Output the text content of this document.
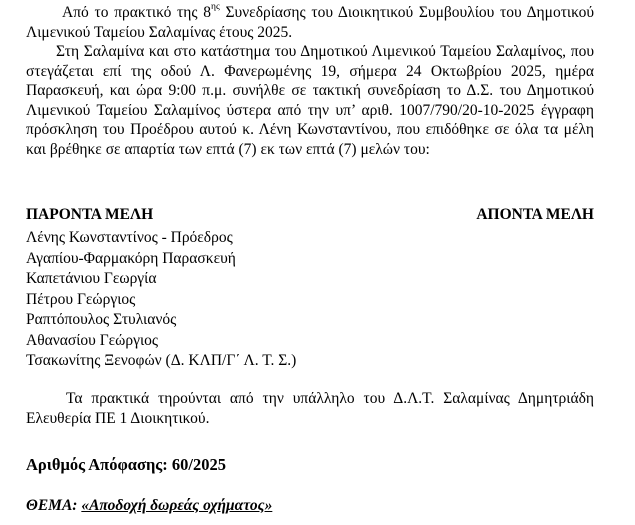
Από το πρακτικό της $8^{\eta\varsigma}$ Συνεδρίασης του Διοικητικού Συμβουλίου του Δημοτικού Λιμενικού Ταμείου Σαλαμίνας έτους 2025.

Στη Σαλαμίνα και στο κατάστημα του Δημοτικού Λιμενικού Ταμείου Σαλαμίνος, που στεγάζεται επί της οδού Λ. Φανερωμένης 19, σήμερα 24 Οκτωβρίου 2025, ημέρα Παρασκευή, και ώρα 9:00 π.μ. συνήλθε σε τακτική συνεδρίαση το Δ.Σ. του Δημοτικού Λιμενικού Ταμείου Σαλαμίνος ύστερα από την υπ’ αριθ. 1007/790/20-10-2025 έγγραφη πρόσκληση του Προέδρου αυτού κ. Λένη Κωνσταντίνου, που επιδόθηκε σε όλα τα μέλη και βρέθηκε σε απαρτία των επτά (7) εκ των επτά (7) μελών του:

ΠΑΡΟΝΤΑ ΜΕΛΗ	ΑΠΟΝΤΑ ΜΕΛΗ
Λένης Κωνσταντίνος - Πρόεδρος
Αγαπίου-Φαρμακόρη Παρασκευή
Καπετάνιου Γεωργία
Πέτρου Γεώργιος
Ραπτόπουλος Στυλιανός
Αθανασίου Γεώργιος
Τσακωνίτης Ξενοφών (Δ. ΚΛΠ/Γ΄ Λ. Τ. Σ.)

Τα πρακτικά τηρούνται από την υπάλληλο του Δ.Λ.Τ. Σαλαμίνας Δημητριάδη Ελευθερία ΠΕ 1 Διοικητικού.

Αριθμός Απόφασης: 60/2025
ΘΕΜΑ: «Αποδοχή δωρεάς οχήματος»
